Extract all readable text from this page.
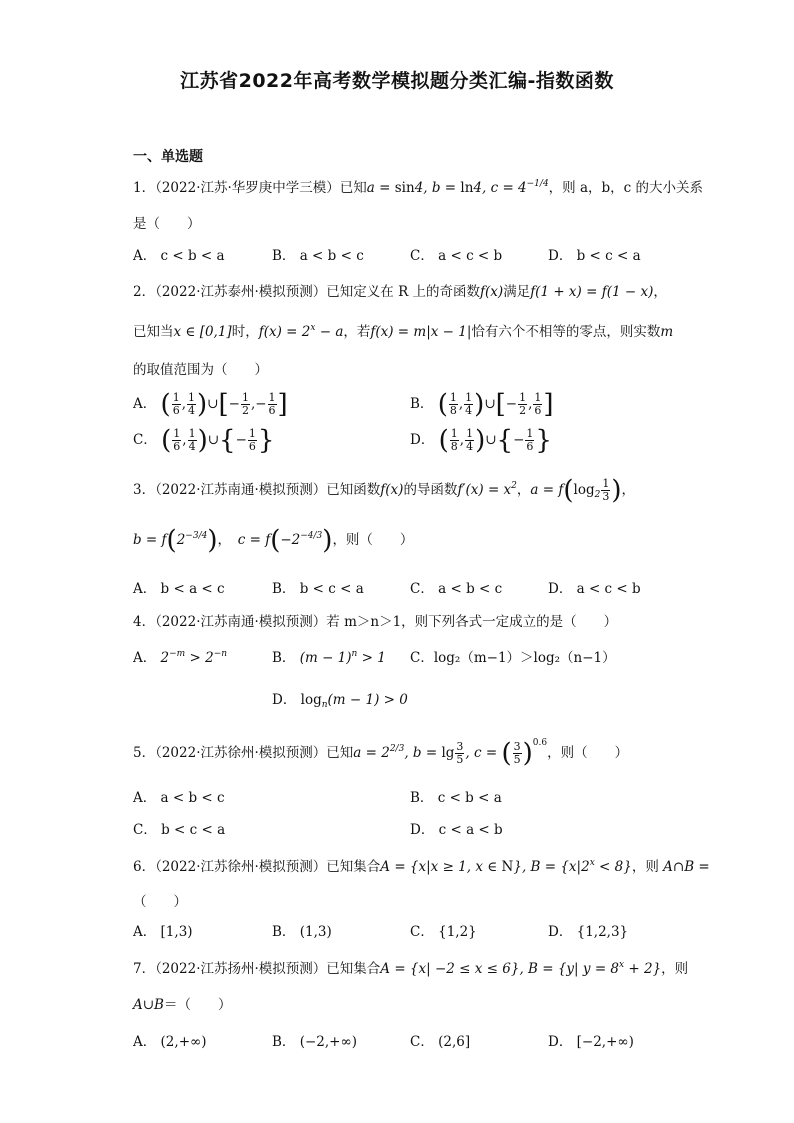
江苏省2022年高考数学模拟题分类汇编-指数函数
一、单选题
1．（2022·江苏·华罗庚中学三模）已知a = sin4, b = ln4, $c = 4^{-1/4}$，则 a，b，c 的大小关系
是（　　）
A． c < b < a	B． a < b < c	C． a < c < b	D． b < c < a
2．（2022·江苏泰州·模拟预测）已知定义在 R 上的奇函数f(x)满足f(1 + x) = f(1 − x)，
已知当x ∈ [0,1]时，$f(x) = 2^x - a$，若f(x) = m|x − 1|恰有六个不相等的零点，则实数m
的取值范围为（　　）
A． ( $\frac{1}{6}$ , $\frac{1}{4}$ )∪[− $\frac{1}{2}$ ,− $\frac{1}{6}$ ]	B． ( $\frac{1}{8}$ , $\frac{1}{4}$ )∪[− $\frac{1}{2}$ , $\frac{1}{6}$ ]
C． ( $\frac{1}{6}$ , $\frac{1}{4}$ )∪{− $\frac{1}{6}$ }	D． ( $\frac{1}{8}$ , $\frac{1}{4}$ )∪{− $\frac{1}{6}$ }
3．（2022·江苏南通·模拟预测）已知函数f(x)的导函数$f'(x) = x^2$，$a = f(\log_2 \frac{1}{3}$ )，
$b = f(2^{-3/4})$，　$c = f(-2^{-4/3})$，则（　　）
A． b < a < c	B． b < c < a	C． a < b < c	D． a < c < b
4．（2022·江苏南通·模拟预测）若 m＞n＞1，则下列各式一定成立的是（　　）
A． $2^{-m} > 2^{-n}$	B． $(m - 1)^n > 1$ C．log₂（m−1）＞log₂（n−1）
D． $\log_n(m - 1) > 0$
5．（2022·江苏徐州·模拟预测）已知$a = 2^{2/3}$, $b = \lg \frac{3}{5}$ , c = ( $\frac{3}{5} )^{0.6}$，则（　　）
A． a < b < c	B． c < b < a
C． b < c < a	D． c < a < b
6．（2022·江苏徐州·模拟预测）已知集合A = {x|x ≥ 1, x ∈ N}, $B = \{x|2^x < 8\}$，则 A∩B =
（　　）
A． [1,3)	B． (1,3)	C． {1,2}	D． {1,2,3}
7．（2022·江苏扬州·模拟预测）已知集合A = {x| −2 ≤ x ≤ 6}, B = {y| $y = 8^x + 2$}，则
A∪B＝（　　）
A． (2,+∞)	B． (−2,+∞)	C． (2,6]	D． [−2,+∞)
